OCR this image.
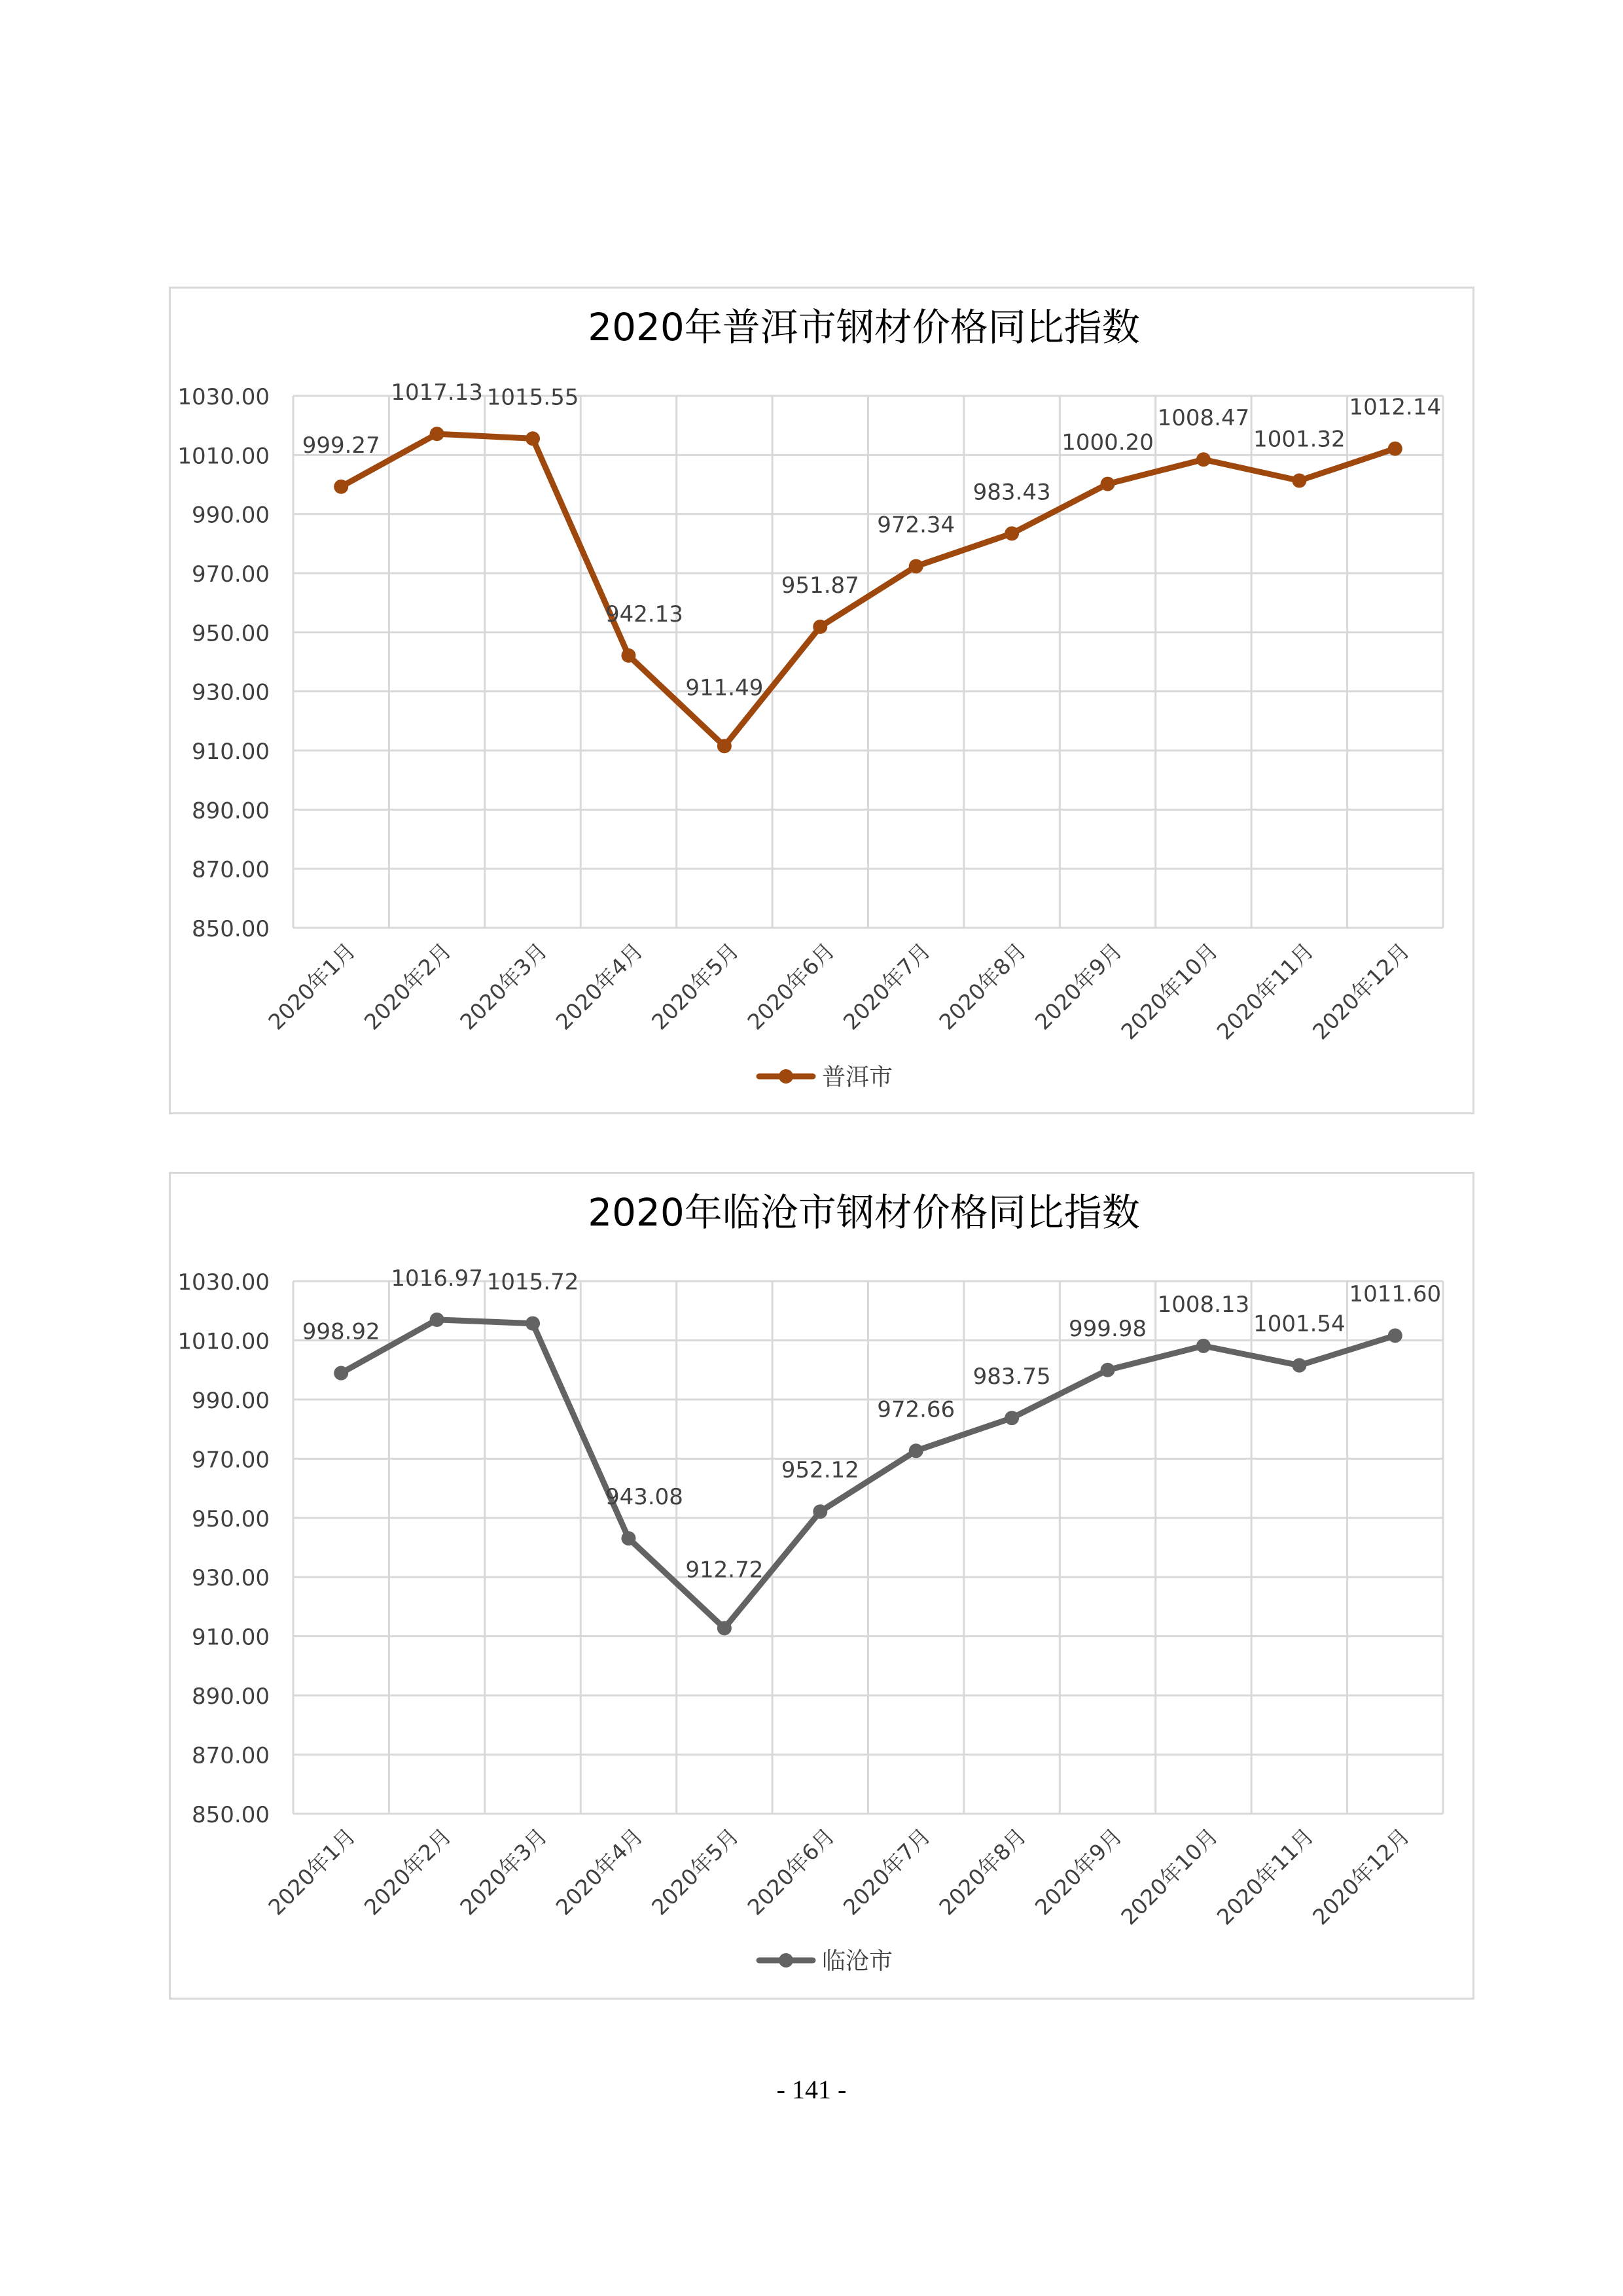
2020年普洱市钢材价格同比指数
850.00
870.00
890.00
910.00
930.00
950.00
970.00
990.00
1010.00
1030.00
2020年1月
2020年2月
2020年3月
2020年4月
2020年5月
2020年6月
2020年7月
2020年8月
2020年9月
2020年10月
2020年11月
2020年12月
999.27
1017.13 1015.55
942.13
911.49
951.87
972.34
983.43
1000.20
1008.47
1001.32
1012.14
普洱市
2020年临沧市钢材价格同比指数
850.00
870.00
890.00
910.00
930.00
950.00
970.00
990.00
1010.00
1030.00
2020年1月
2020年2月
2020年3月
2020年4月
2020年5月
2020年6月
2020年7月
2020年8月
2020年9月
2020年10月
2020年11月
2020年12月
998.92
1016.97 1015.72
943.08
912.72
952.12
972.66
983.75
999.98
1008.13
1001.54
1011.60
临沧市
- 141 -
